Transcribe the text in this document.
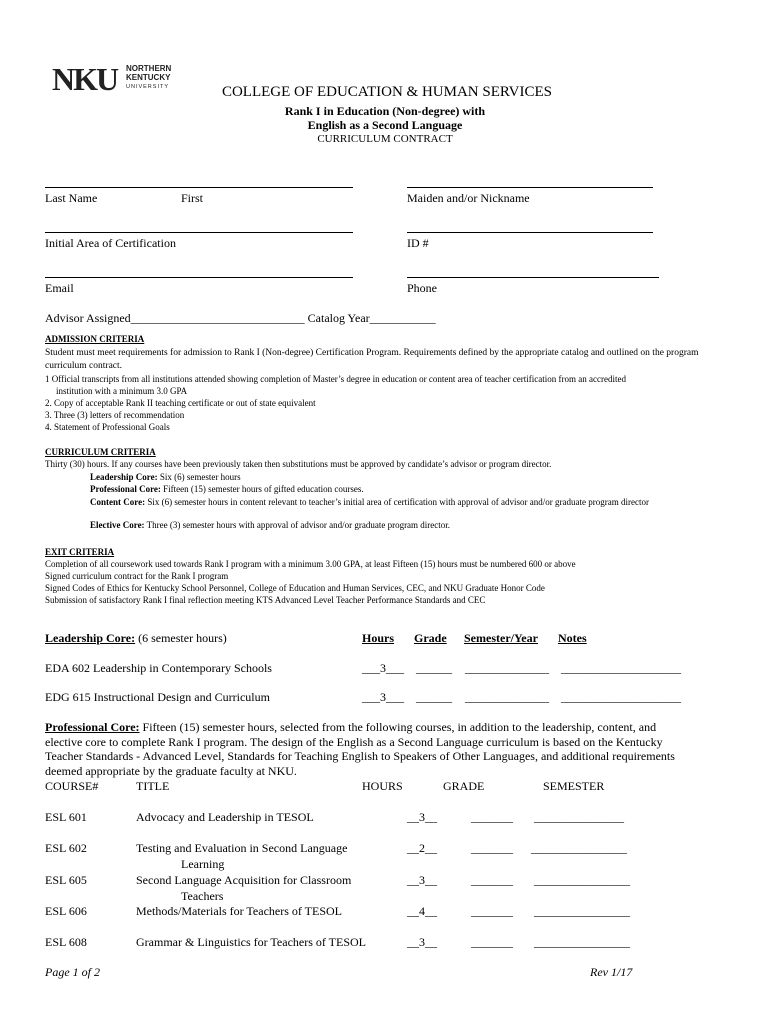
NKU NORTHERN
KENTUCKY
UNIVERSITY	COLLEGE OF EDUCATION & HUMAN SERVICES
Rank I in Education (Non-degree) with
English as a Second Language
CURRICULUM CONTRACT
Last Name	First	Maiden and/or Nickname
Initial Area of Certification	ID #
Email	Phone
Advisor Assigned_____________________________ Catalog Year___________
ADMISSION CRITERIA
Student must meet requirements for admission to Rank I (Non-degree) Certification Program. Requirements defined by the appropriate catalog and outlined on the program curriculum contract.
1 Official transcripts from all institutions attended showing completion of Master’s degree in education or content area of teacher certification from an accredited
institution with a minimum 3.0 GPA
2. Copy of acceptable Rank II teaching certificate or out of state equivalent
3. Three (3) letters of recommendation
4. Statement of Professional Goals
CURRICULUM CRITERIA
Thirty (30) hours. If any courses have been previously taken then substitutions must be approved by candidate’s advisor or program director.
Leadership Core: Six (6) semester hours
Professional Core: Fifteen (15) semester hours of gifted education courses.
Content Core: Six (6) semester hours in content relevant to teacher’s initial area of certification with approval of advisor and/or graduate program director
Elective Core: Three (3) semester hours with approval of advisor and/or graduate program director.
EXIT CRITERIA
Completion of all coursework used towards Rank I program with a minimum 3.00 GPA, at least Fifteen (15) hours must be numbered 600 or above
Signed curriculum contract for the Rank I program
Signed Codes of Ethics for Kentucky School Personnel, College of Education and Human Services, CEC, and NKU Graduate Honor Code
Submission of satisfactory Rank I final reflection meeting KTS Advanced Level Teacher Performance Standards and CEC
Leadership Core: (6 semester hours)	Hours Grade Semester/Year Notes
EDA 602 Leadership in Contemporary Schools	___3___ ______ ______________ ____________________
EDG 615 Instructional Design and Curriculum	___3___ ______ ______________ ____________________
Professional Core: Fifteen (15) semester hours, selected from the following courses, in addition to the leadership, content, and elective core to complete Rank I program. The design of the English as a Second Language curriculum is based on the Kentucky Teacher Standards - Advanced Level, Standards for Teaching English to Speakers of Other Languages, and additional requirements deemed appropriate by the graduate faculty at NKU.
COURSE#	TITLE	HOURS	GRADE	SEMESTER
ESL 601	Advocacy and Leadership in TESOL	__3__	_______ _______________
ESL 602	Testing and Evaluation in Second Language
Learning
__2__	_______ ________________
ESL 605	Second Language Acquisition for Classroom
Teachers
__3__	_______ ________________
ESL 606	Methods/Materials for Teachers of TESOL	__4__	_______ ________________
ESL 608	Grammar & Linguistics for Teachers of TESOL	__3__	_______ ________________
Page 1 of 2	Rev 1/17
